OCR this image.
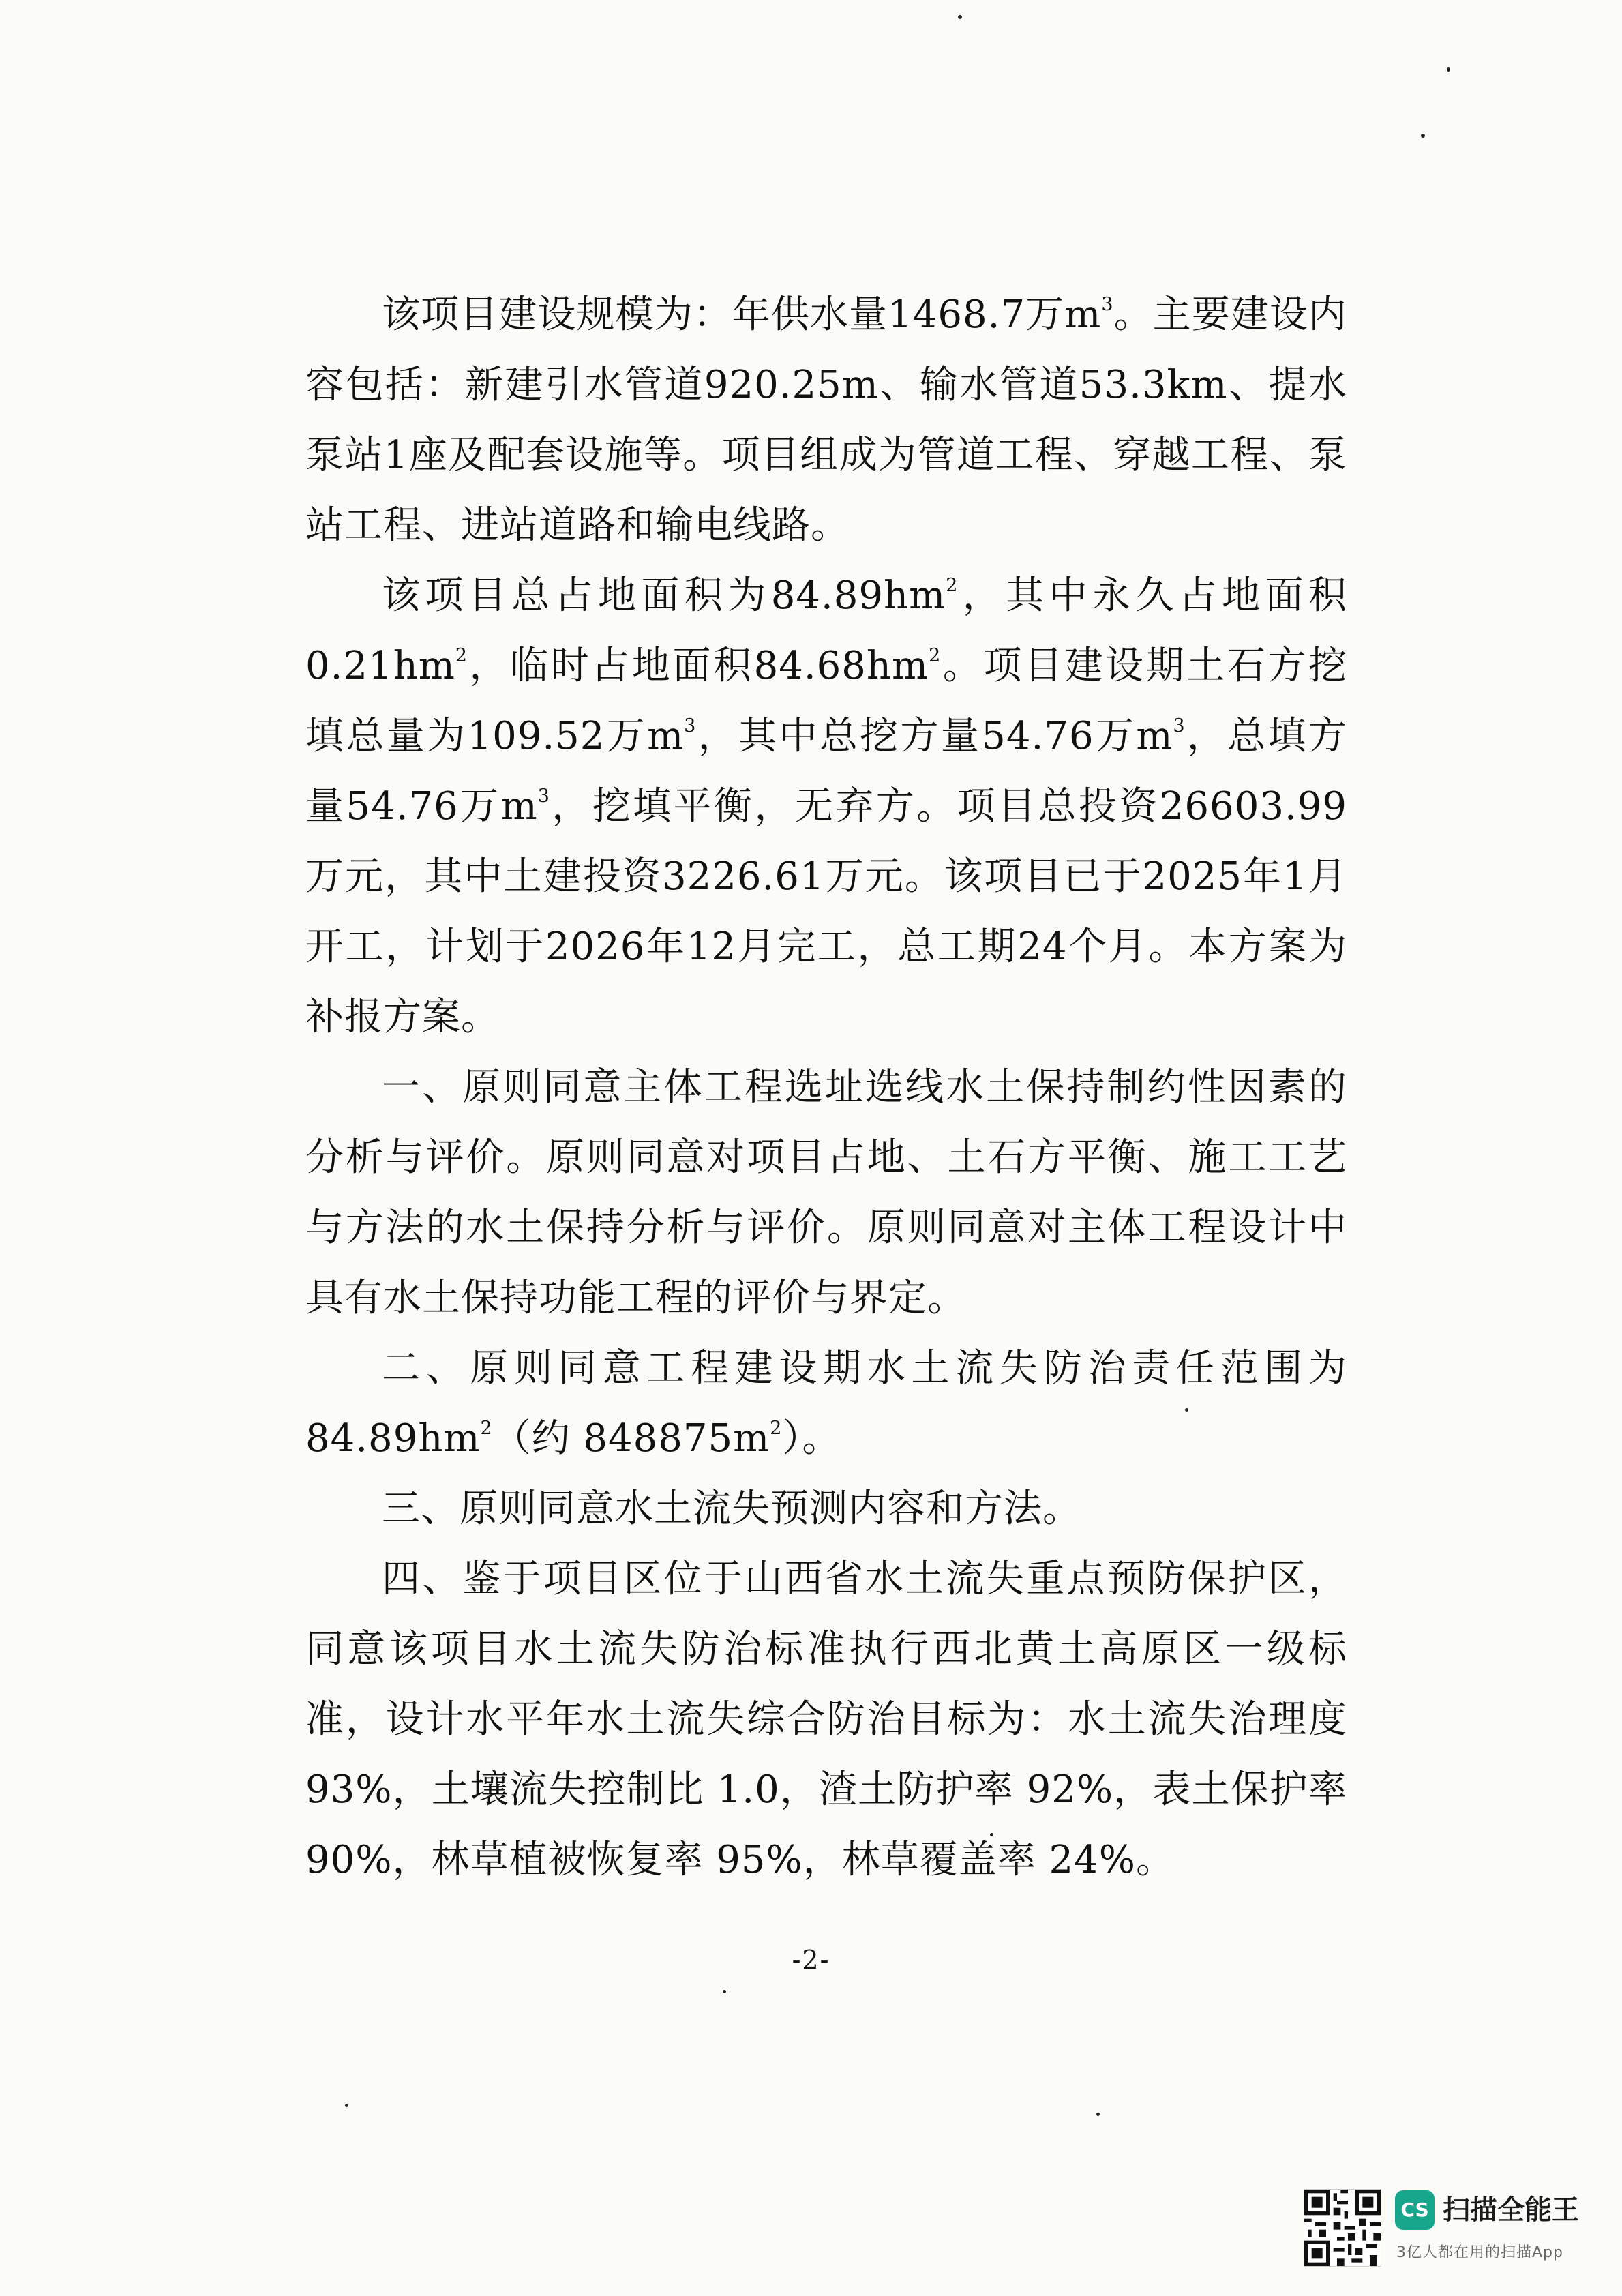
该项目建设规模为：年供水量1468.7万$m^3$。主要建设内容包括：新建引水管道920.25m、输水管道53.3km、提水泵站1座及配套设施等。项目组成为管道工程、穿越工程、泵站工程、进站道路和输电线路。

该项目总占地面积为$84.89hm^2$，其中永久占地面积$0.21hm^2$，临时占地面积$84.68hm^2$。项目建设期土石方挖填总量为109.52万$m^3$，其中总挖方量54.76万$m^3$，总填方量54.76万$m^3$，挖填平衡，无弃方。项目总投资26603.99万元，其中土建投资3226.61万元。该项目已于2025年1月开工，计划于2026年12月完工，总工期24个月。本方案为补报方案。

一、原则同意主体工程选址选线水土保持制约性因素的分析与评价。原则同意对项目占地、土石方平衡、施工工艺与方法的水土保持分析与评价。原则同意对主体工程设计中具有水土保持功能工程的评价与界定。

二、原则同意工程建设期水土流失防治责任范围为 $84.89hm^2$（约 $848875m^2$）。

三、原则同意水土流失预测内容和方法。

四、鉴于项目区位于山西省水土流失重点预防保护区，同意该项目水土流失防治标准执行西北黄土高原区一级标准，设计水平年水土流失综合防治目标为：水土流失治理度 93%，土壤流失控制比 1.0，渣土防护率 92%，表土保护率 90%，林草植被恢复率 95%，林草覆盖率 24%。

-2-
CS 扫描全能王
3亿人都在用的扫描App
